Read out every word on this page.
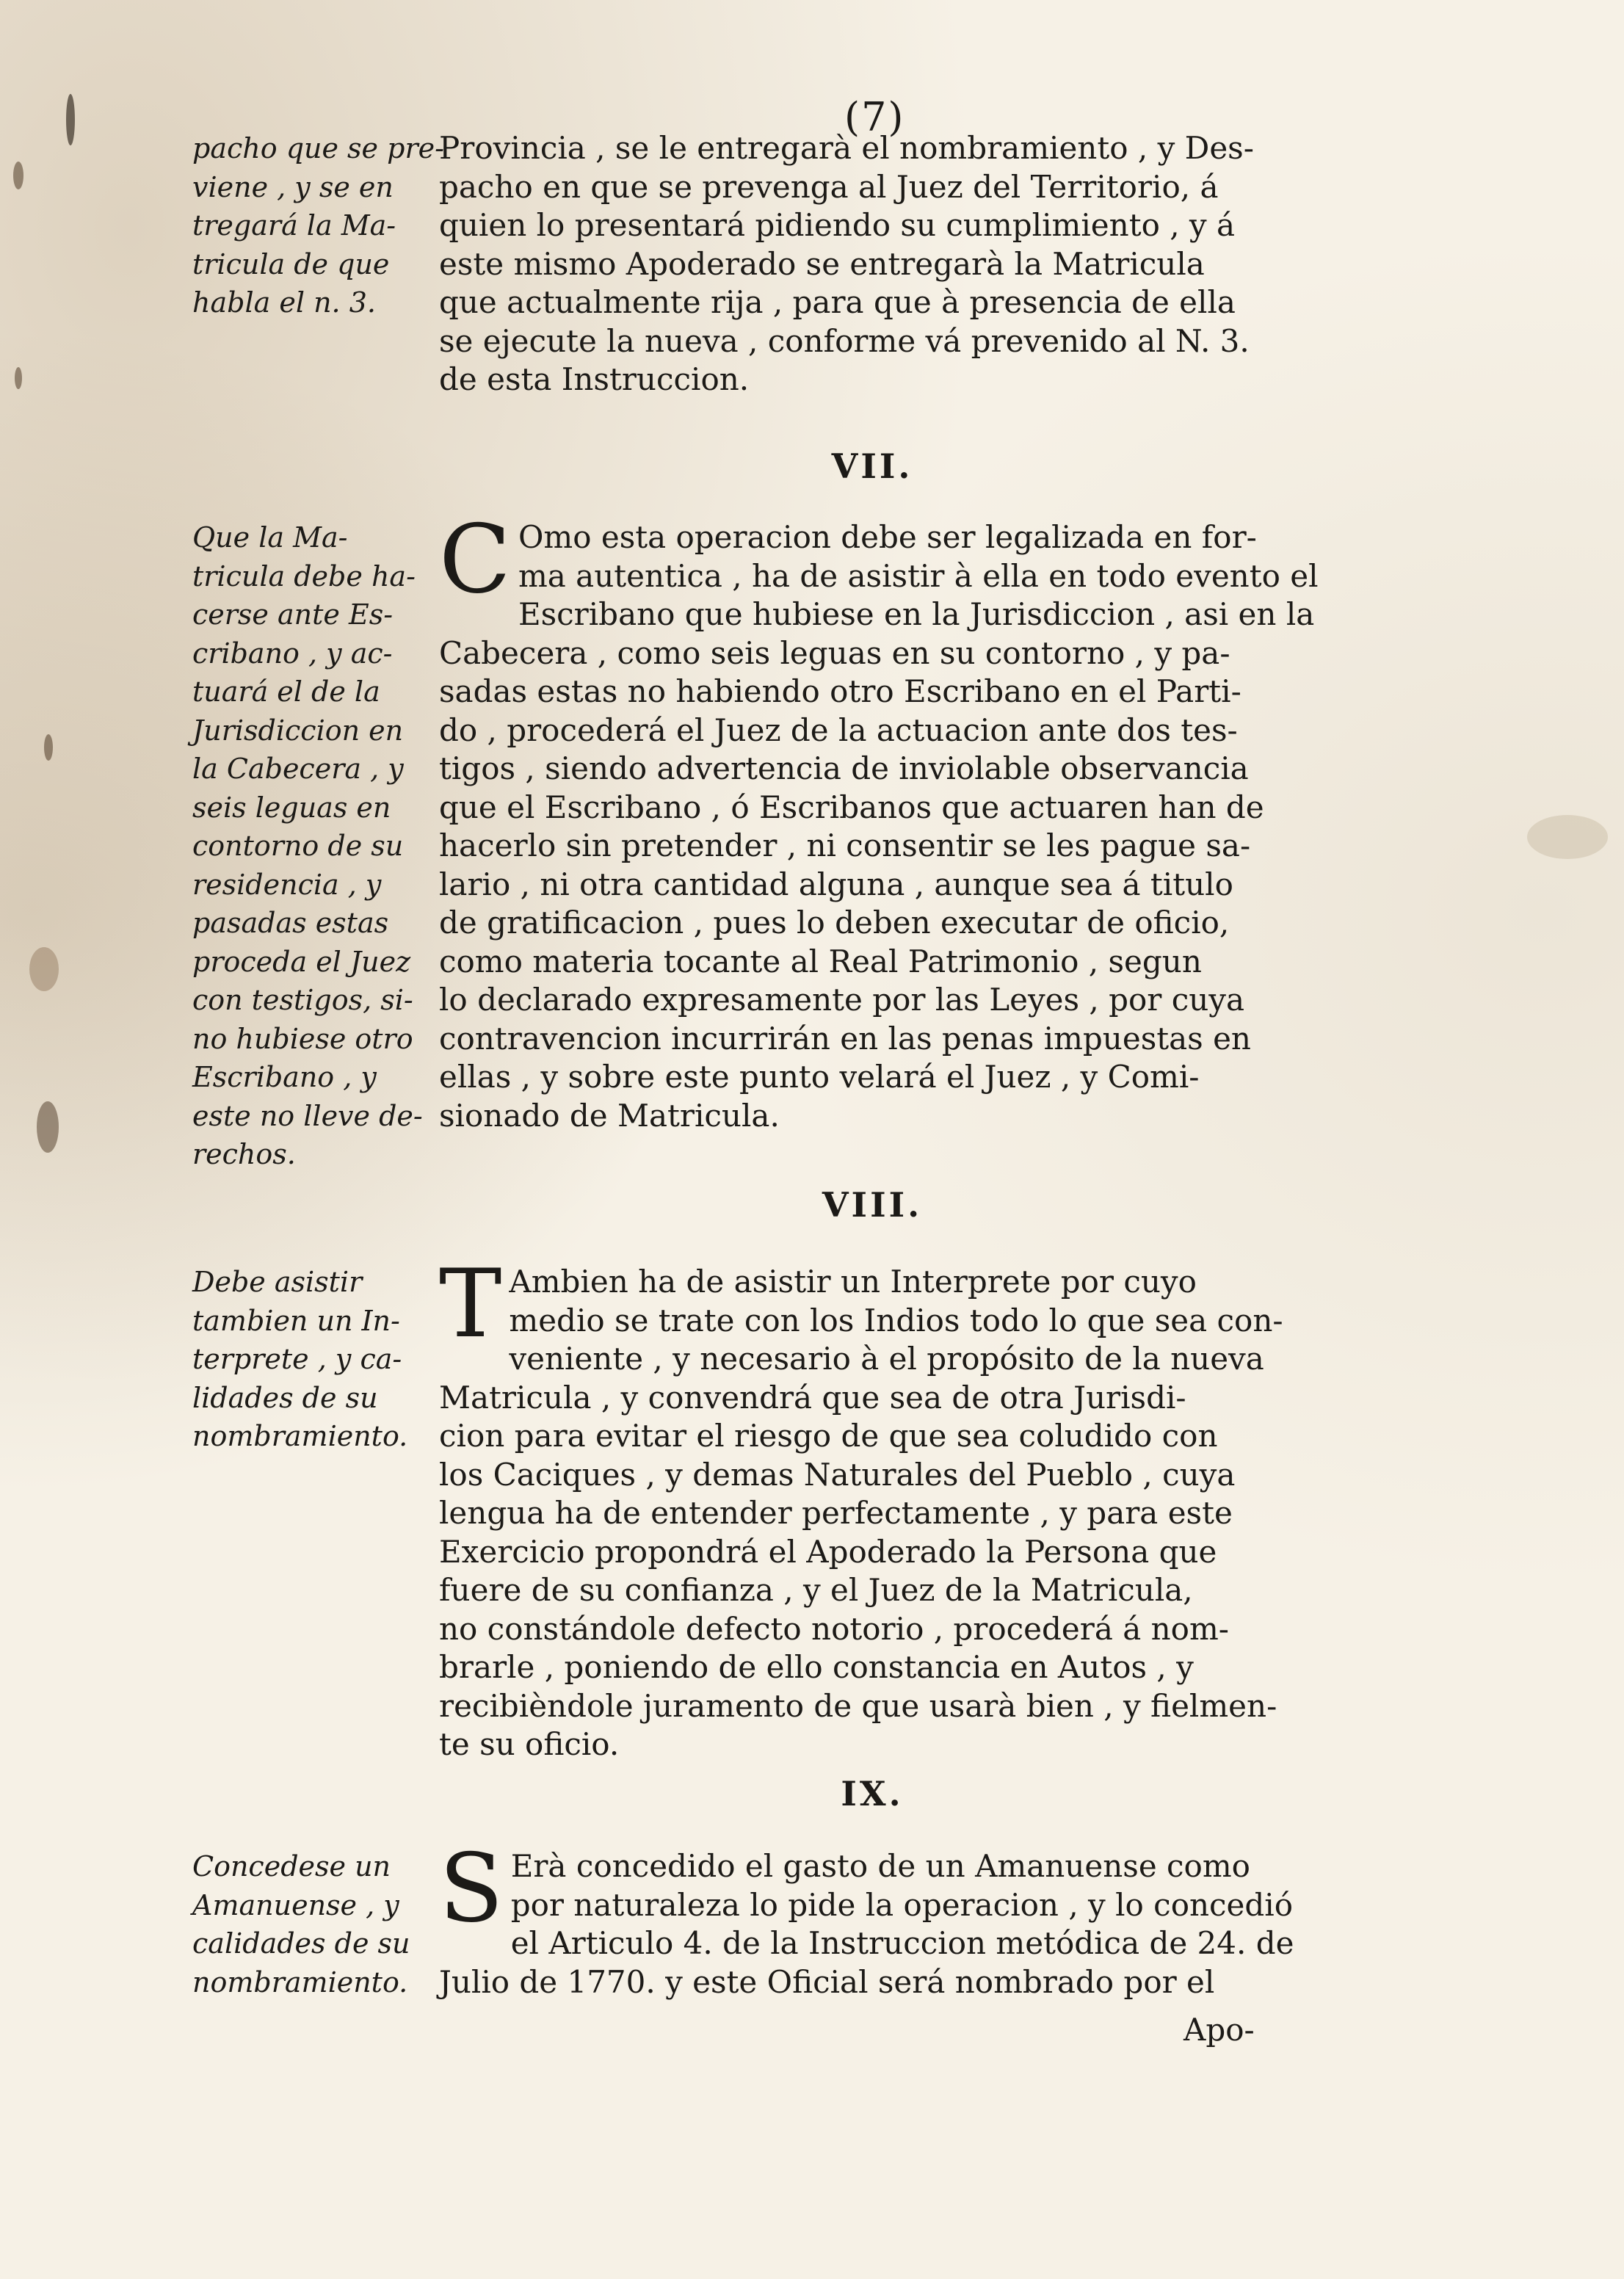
(7)
pacho que se pre-
viene , y se en
tregará la Ma-
tricula de que
habla el n. 3.
Provincia , se le entregarà el nombramiento , y Des-
pacho en que se prevenga al Juez del Territorio, á
quien lo presentará pidiendo su cumplimiento , y á
este mismo Apoderado se entregarà la Matricula
que actualmente rija , para que à presencia de ella
se ejecute la nueva , conforme vá prevenido al N. 3.
de esta Instruccion.
VII.
Que la Ma-
tricula debe ha-
cerse ante Es-
cribano , y ac-
tuará el de la
Jurisdiccion en
la Cabecera , y
seis leguas en
contorno de su
residencia , y
pasadas estas
proceda el Juez
con testigos, si-
no hubiese otro
Escribano , y
este no lleve de-
rechos.
C Omo esta operacion debe ser legalizada en for-
ma autentica , ha de asistir à ella en todo evento el
Escribano que hubiese en la Jurisdiccion , asi en la
Cabecera , como seis leguas en su contorno , y pa-
sadas estas no habiendo otro Escribano en el Parti-
do , procederá el Juez de la actuacion ante dos tes-
tigos , siendo advertencia de inviolable observancia
que el Escribano , ó Escribanos que actuaren han de
hacerlo sin pretender , ni consentir se les pague sa-
lario , ni otra cantidad alguna , aunque sea á titulo
de gratificacion , pues lo deben executar de oficio,
como materia tocante al Real Patrimonio , segun
lo declarado expresamente por las Leyes , por cuya
contravencion incurrirán en las penas impuestas en
ellas , y sobre este punto velará el Juez , y Comi-
sionado de Matricula.
VIII.
Debe asistir
tambien un In-
terprete , y ca-
lidades de su
nombramiento.
T Ambien ha de asistir un Interprete por cuyo
medio se trate con los Indios todo lo que sea con-
veniente , y necesario à el propósito de la nueva
Matricula , y convendrá que sea de otra Jurisdi-
cion para evitar el riesgo de que sea coludido con
los Caciques , y demas Naturales del Pueblo , cuya
lengua ha de entender perfectamente , y para este
Exercicio propondrá el Apoderado la Persona que
fuere de su confianza , y el Juez de la Matricula,
no constándole defecto notorio , procederá á nom-
brarle , poniendo de ello constancia en Autos , y
recibièndole juramento de que usarà bien , y fielmen-
te su oficio.
IX.
Concedese un
Amanuense , y
calidades de su
nombramiento.
S Erà concedido el gasto de un Amanuense como
por naturaleza lo pide la operacion , y lo concedió
el Articulo 4. de la Instruccion metódica de 24. de
Julio de 1770. y este Oficial será nombrado por el
Apo-
